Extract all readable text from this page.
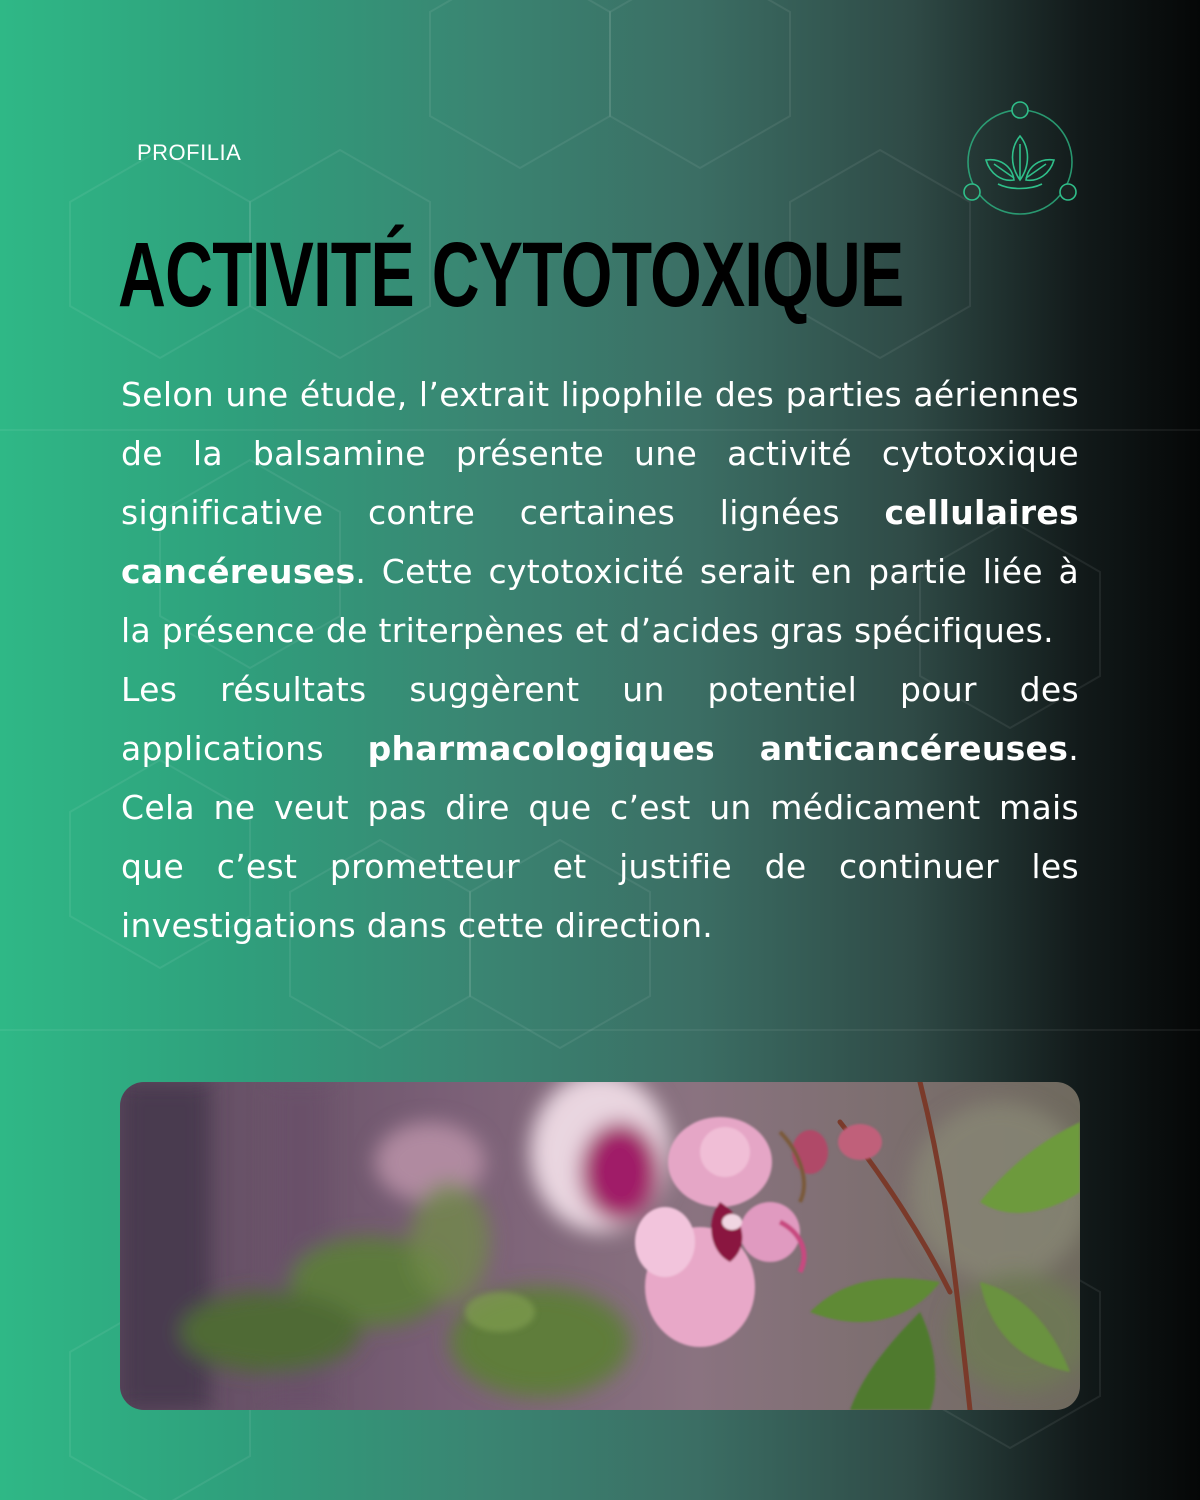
PROFILIA
ACTIVITÉ CYTOTOXIQUE

Selon une étude, l’extrait lipophile des parties aériennes de la balsamine présente une activité cytotoxique significative contre certaines lignées cellulaires cancéreuses. Cette cytotoxicité serait en partie liée à la présence de triterpènes et d’acides gras spécifiques.

Les résultats suggèrent un potentiel pour des applications pharmacologiques anticancéreuses. Cela ne veut pas dire que c’est un médicament mais que c’est prometteur et justifie de continuer les investigations dans cette direction.
